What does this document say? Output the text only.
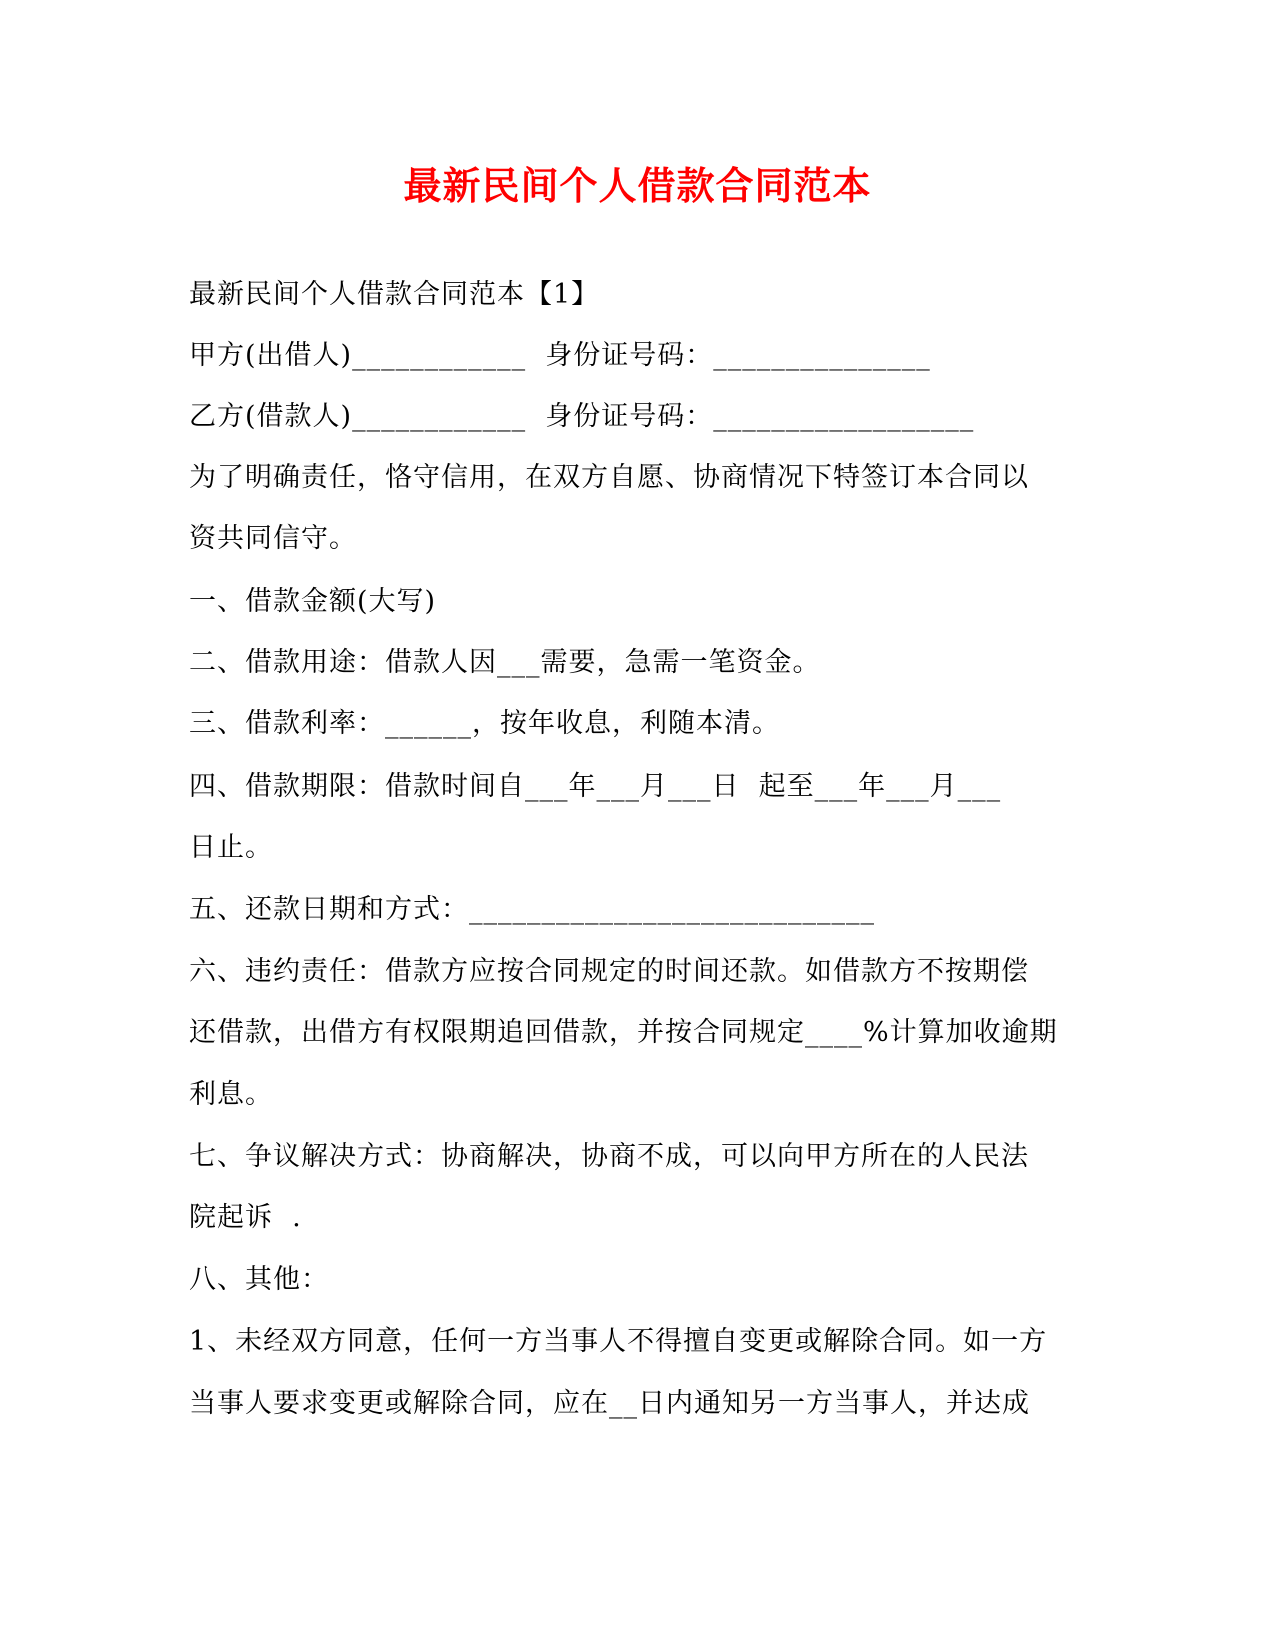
最新民间个人借款合同范本
最新民间个人借款合同范本【1】
甲方(出借人)____________  身份证号码：_______________
乙方(借款人)____________  身份证号码：__________________
为了明确责任，恪守信用，在双方自愿、协商情况下特签订本合同以
资共同信守。
一、借款金额(大写)
二、借款用途：借款人因___需要，急需一笔资金。
三、借款利率：______，按年收息，利随本清。
四、借款期限：借款时间自___年___月___日  起至___年___月___
日止。
五、还款日期和方式：____________________________
六、违约责任：借款方应按合同规定的时间还款。如借款方不按期偿
还借款，出借方有权限期追回借款，并按合同规定____%计算加收逾期
利息。
七、争议解决方式：协商解决，协商不成，可以向甲方所在的人民法
院起诉  .
八、其他：
1、未经双方同意，任何一方当事人不得擅自变更或解除合同。如一方
当事人要求变更或解除合同，应在__日内通知另一方当事人，并达成
